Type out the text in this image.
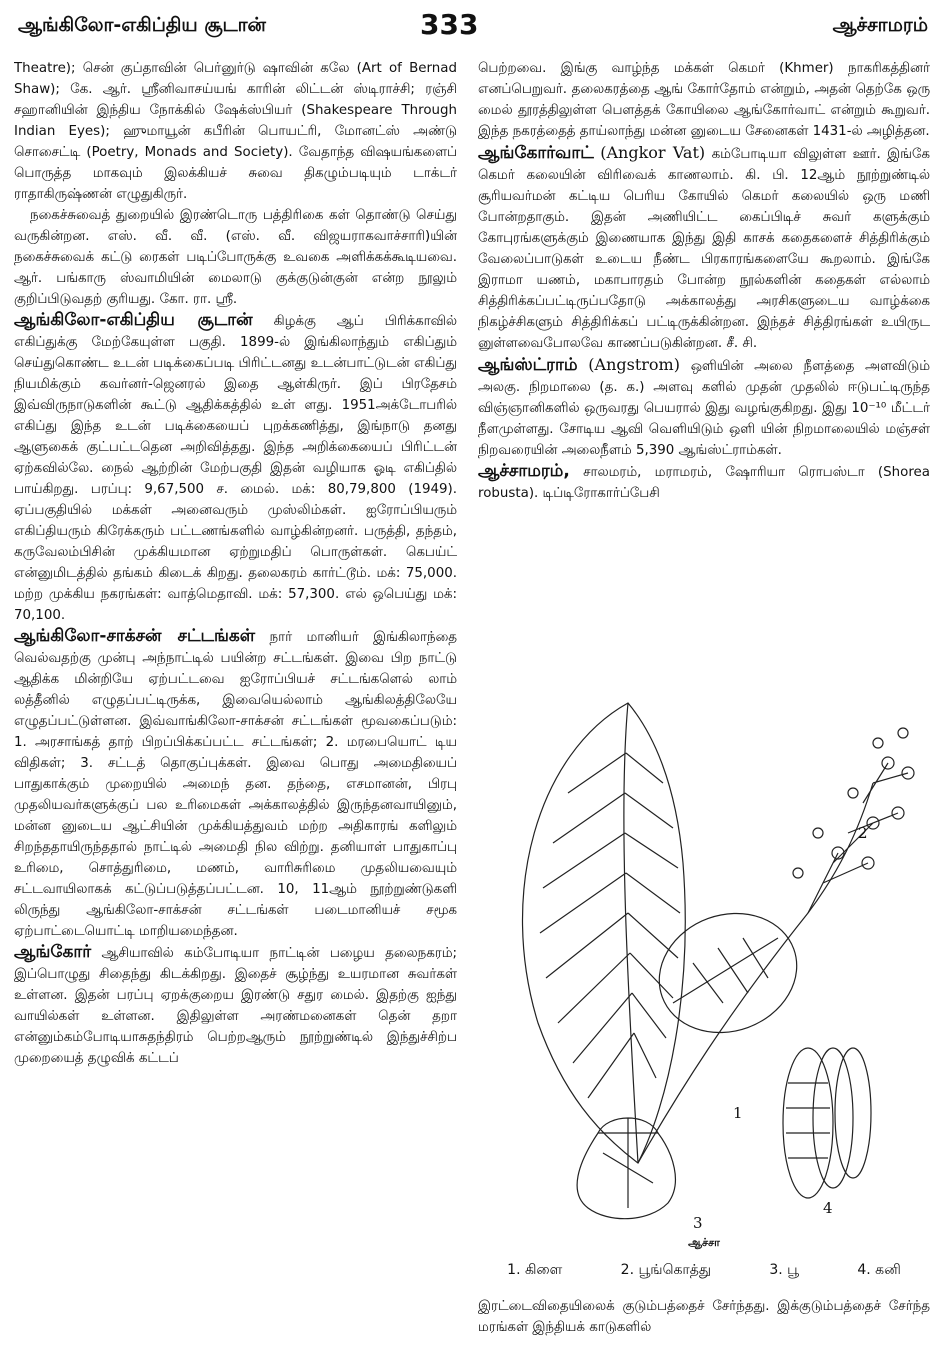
ஆங்கிலோ-எகிப்திய சூடான்	333	ஆச்சாமரம்

Theatre); சென் குப்தாவின் பெர்னுர்டு ஷாவின் கலே (Art of Bernad Shaw); கே. ஆர். ஸ்ரீனிவாசய்யங் காரின் லிட்டன் ஸ்டிராச்சி; ரஞ்சி சஹானியின் இந்திய நோக்கில் ஷேக்ஸ்பியர் (Shakespeare Through Indian Eyes); ஹுமாயூன் கபீரின் பொயட்ரி, மோனட்ஸ் அண்டு சொசைட்டி (Poetry, Monads and Society). வேதாந்த விஷயங்களைப் பொருத்த மாகவும் இலக்கியச் சுவை திகழும்படியும் டாக்டர் ராதாகிருஷ்ணன் எழுதுகிருர்.

நகைச்சுவைத் துறையில் இரண்டொரு பத்திரிகை கள் தொண்டு செய்து வருகின்றன. எஸ். வீ. வீ. (எஸ். வீ. விஜயராகவாச்சாரி)யின் நகைச்சுவைக் கட்டு ரைகள் படிப்போருக்கு உவகை அளிக்கக்கூடியவை. ஆர். பங்காரு ஸ்வாமியின் மைலாடு குக்குடுன்குன் என்ற நூலும் குறிப்பிடுவதற் குரியது. கோ. ரா. ஸ்ரீ.

ஆங்கிலோ-எகிப்திய சூடான் கிழக்கு ஆப் பிரிக்காவில் எகிப்துக்கு மேற்கேயுள்ள பகுதி. 1899-ல் இங்கிலாந்தும் எகிப்தும் செய்துகொண்ட உடன் படிக்கைப்படி பிரிட்டனது உடன்பாட்டுடன் எகிப்து நியமிக்கும் கவர்னர்-ஜெனரல் இதை ஆள்கிருர். இப் பிரதேசம் இவ்விருநாடுகளின் கூட்டு ஆதிக்கத்தில் உள் ளது. 1951அக்டோபரில் எகிப்து இந்த உடன் படிக்கையைப் புறக்கணித்து, இங்நாடு தனது ஆளுகைக் குட்பட்டதென அறிவித்தது. இந்த அறிக்கையைப் பிரிட்டன் ஏற்கவில்லே. நைல் ஆற்றின் மேற்பகுதி இதன் வழியாக ஓடி எகிப்தில் பாய்கிறது. பரப்பு: 9,67,500 ச. மைல். மக்: 80,79,800 (1949). ஏப்பகுதியில் மக்கள் அனைவரும் முஸ்லிம்கள். ஐரோப்பியரும் எகிப்தியரும் கிரேக்கரும் பட்டணங்களில் வாழ்கின்றனர். பருத்தி, தந்தம், கருவேலம்பிசின் முக்கியமான ஏற்றுமதிப் பொருள்கள். கெபய்ட் என்னுமிடத்தில் தங்கம் கிடைக் கிறது. தலைகரம் கார்ட்டூம். மக்: 75,000. மற்ற முக்கிய நகரங்கள்: வாத்மெதாவி. மக்: 57,300. எல் ஒபெய்து மக்: 70,100.

ஆங்கிலோ-சாக்சன் சட்டங்கள் நார் மானியர் இங்கிலாந்தை வெல்வதற்கு முன்பு அந்நாட்டில் பயின்ற சட்டங்கள். இவை பிற நாட்டு ஆதிக்க மின்றியே ஏற்பட்டவை ஐரோப்பியச் சட்டங்களெல் லாம் லத்தீனில் எழுதப்பட்டிருக்க, இவையெல்லாம் ஆங்கிலத்திலேயே எழுதப்பட்டுள்ளன. இவ்வாங்கிலோ-சாக்சன் சட்டங்கள் மூவகைப்படும்: 1. அரசாங்கத் தாற் பிறப்பிக்கப்பட்ட சட்டங்கள்; 2. மரபையொட் டிய விதிகள்; 3. சட்டத் தொகுப்புக்கள். இவை பொது அமைதியைப் பாதுகாக்கும் முறையில் அமைந் தன. தந்தை, எசமானன், பிரபு முதலியவர்களுக்குப் பல உரிமைகள் அக்காலத்தில் இருந்தனவாயினும், மன்ன னுடைய ஆட்சியின் முக்கியத்துவம் மற்ற அதிகாரங் களிலும் சிறந்ததாயிருந்ததால் நாட்டில் அமைதி நில விற்று. தனியாள் பாதுகாப்பு உரிமை, சொத்துரிமை, மணம், வாரிசுரிமை முதலியவையும் சட்டவாயிலாகக் கட்டுப்படுத்தப்பட்டன. 10, 11ஆம் நூற்றுண்டுகளி லிருந்து ஆங்கிலோ-சாக்சன் சட்டங்கள் படைமானியச் சமூக ஏற்பாட்டையொட்டி மாறியமைந்தன.

ஆங்கோர் ஆசியாவில் கம்போடியா நாட்டின் பழைய தலைநகரம்; இப்பொழுது சிதைந்து கிடக்கிறது. இதைச் சூழ்ந்து உயரமான சுவர்கள் உள்ளன. இதன் பரப்பு ஏறக்குறைய இரண்டு சதுர மைல். இதற்கு ஐந்து வாயில்கள் உள்ளன. இதிலுள்ள அரண்மனைகள் தென் தறா என்னும்கம்போடியாசுதந்திரம் பெற்றஆரும் நூற்றுண்டில் இந்துச்சிற்ப முறையைத் தழுவிக் கட்டப்

பெற்றவை. இங்கு வாழ்ந்த மக்கள் கெமர் (Khmer) நாகரிகத்தினர் எனப்பெறுவர். தலைகரத்தை ஆங் கோர்தோம் என்றும், அதன் தெற்கே ஒரு மைல் தூரத்திலுள்ள பௌத்தக் கோயிலை ஆங்கோர்வாட் என்றும் கூறுவர். இந்த நகரத்தைத் தாய்லாந்து மன்ன னுடைய சேனைகள் 1431-ல் அழித்தன.

ஆங்கோர்வாட் (Angkor Vat) கம்போடியா விலுள்ள ஊர். இங்கே கெமர் கலையின் விரிவைக் காணலாம். கி. பி. 12ஆம் நூற்றுண்டில் சூரியவர்மன் கட்டிய பெரிய கோயில் கெமர் கலையில் ஒரு மணி போன்றதாகும். இதன் அணியிட்ட கைப்பிடிச் சுவர் களுக்கும் கோபுரங்களுக்கும் இணையாக இந்து இதி காசக் கதைகளைச் சித்திரிக்கும் வேலைப்பாடுகள் உடைய நீண்ட பிரகாரங்களையே கூறலாம். இங்கே இராமா யணம், மகாபாரதம் போன்ற நூல்களின் கதைகள் எல்லாம் சித்திரிக்கப்பட்டிருப்பதோடு அக்காலத்து அரசிகளுடைய வாழ்க்கை நிகழ்ச்சிகளும் சித்திரிக்கப் பட்டிருக்கின்றன. இந்தச் சித்திரங்கள் உயிருட னுள்ளவைபோலவே காணப்படுகின்றன. சீ. சி.

ஆங்ஸ்ட்ராம் (Angstrom) ஒளியின் அலை நீளத்தை அளவிடும் அலகு. நிறமாலை (த. க.) அளவு களில் முதன் முதலில் ஈடுபட்டிருந்த விஞ்ஞானிகளில் ஒருவரது பெயரால் இது வழங்குகிறது. இது 10⁻¹⁰ மீட்டர் நீளமுள்ளது. சோடிய ஆவி வெளியிடும் ஒளி யின் நிறமாலையில் மஞ்சள் நிறவரையின் அலைநீளம் 5,390 ஆங்ஸ்ட்ராம்கள்.

ஆச்சாமரம், சாலமரம், மராமரம், ஷோரியா ரொபஸ்டா (Shorea robusta). டிப்டிரோகார்ப்பேசி

1
2
3
4
ஆச்சா
1. கிளை	2. பூங்கொத்து	3. பூ	4. கனி

இரட்டைவிதையிலைக் குடும்பத்தைச் சேர்ந்தது. இக்குடும்பத்தைச் சேர்ந்த மரங்கள் இந்தியக் காடுகளில்
